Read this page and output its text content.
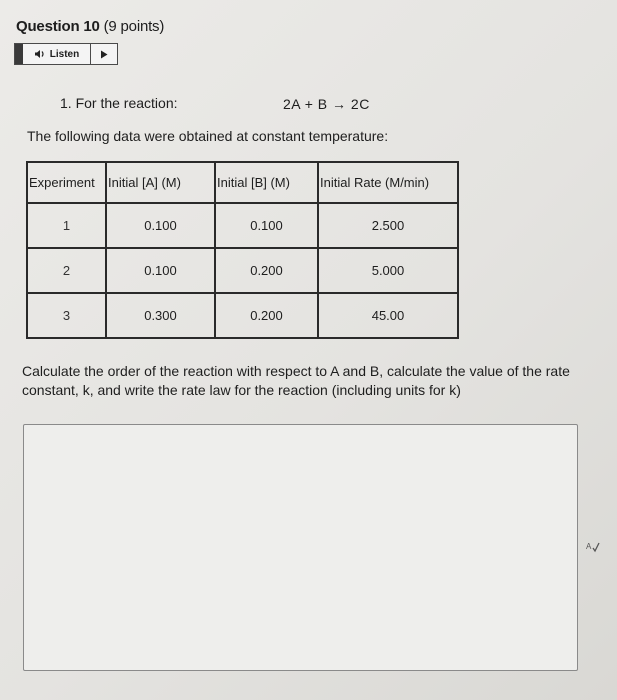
Question 10 (9 points)
Listen
1. For the reaction:	2A + B → 2C
The following data were obtained at constant temperature:
Experiment	Initial [A] (M)	Initial [B] (M)	Initial Rate (M/min)
1	0.100	0.100	2.500
2	0.100	0.200	5.000
3	0.300	0.200	45.00
Calculate the order of the reaction with respect to A and B, calculate the value of the rate constant, k, and write the rate law for the reaction (including units for k)
A
